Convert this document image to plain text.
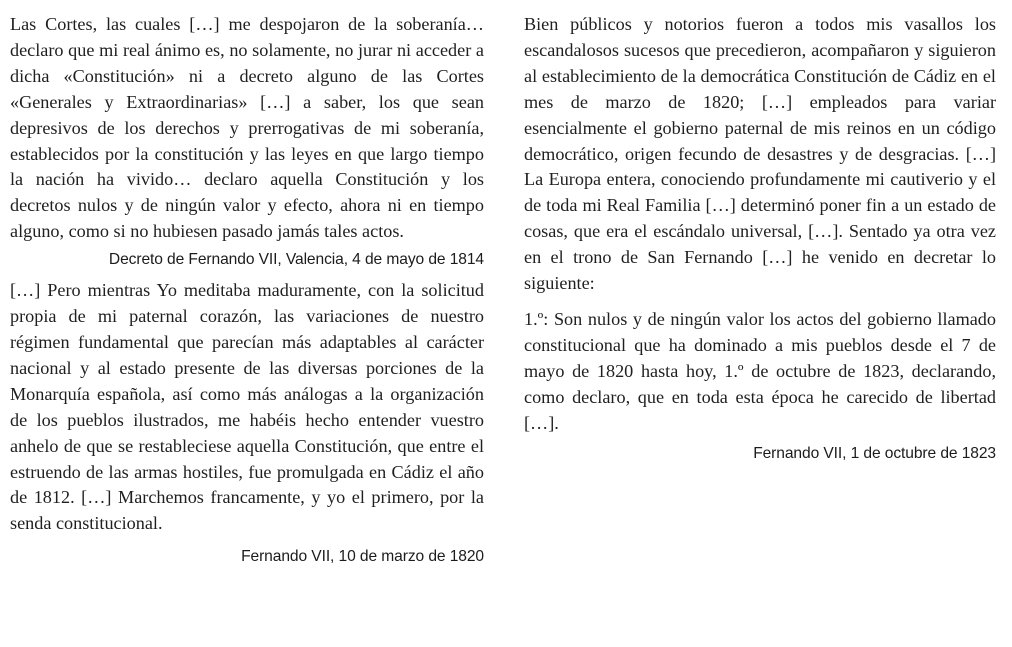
Las Cortes, las cuales […] me despojaron de la soberanía… declaro que mi real ánimo es, no solamente, no jurar ni acceder a dicha «Constitución» ni a decreto alguno de las Cortes «Generales y Extraordinarias» […] a saber, los que sean depresivos de los derechos y prerrogativas de mi soberanía, establecidos por la constitución y las leyes en que largo tiempo la nación ha vivido… declaro aquella Constitución y los decretos nulos y de ningún valor y efecto, ahora ni en tiempo alguno, como si no hubiesen pasado jamás tales actos.

Decreto de Fernando VII, Valencia, 4 de mayo de 1814

[…] Pero mientras Yo meditaba maduramente, con la solicitud propia de mi paternal corazón, las variaciones de nuestro régimen fundamental que parecían más adaptables al carácter nacional y al estado presente de las diversas porciones de la Monarquía española, así como más análogas a la organización de los pueblos ilustrados, me habéis hecho entender vuestro anhelo de que se restableciese aquella Constitución, que entre el estruendo de las armas hostiles, fue promulgada en Cádiz el año de 1812. […] Marchemos francamente, y yo el primero, por la senda constitucional.

Fernando VII, 10 de marzo de 1820

Bien públicos y notorios fueron a todos mis vasallos los escandalosos sucesos que precedieron, acompañaron y siguieron al establecimiento de la democrática Constitución de Cádiz en el mes de marzo de 1820; […] empleados para variar esencialmente el gobierno paternal de mis reinos en un código democrático, origen fecundo de desastres y de desgracias. […] La Europa entera, conociendo profundamente mi cautiverio y el de toda mi Real Familia […] determinó poner fin a un estado de cosas, que era el escándalo universal, […]. Sentado ya otra vez en el trono de San Fernando […] he venido en decretar lo siguiente:

1.º: Son nulos y de ningún valor los actos del gobierno llamado constitucional que ha dominado a mis pueblos desde el 7 de mayo de 1820 hasta hoy, 1.º de octubre de 1823, declarando, como declaro, que en toda esta época he carecido de libertad […].

Fernando VII, 1 de octubre de 1823
